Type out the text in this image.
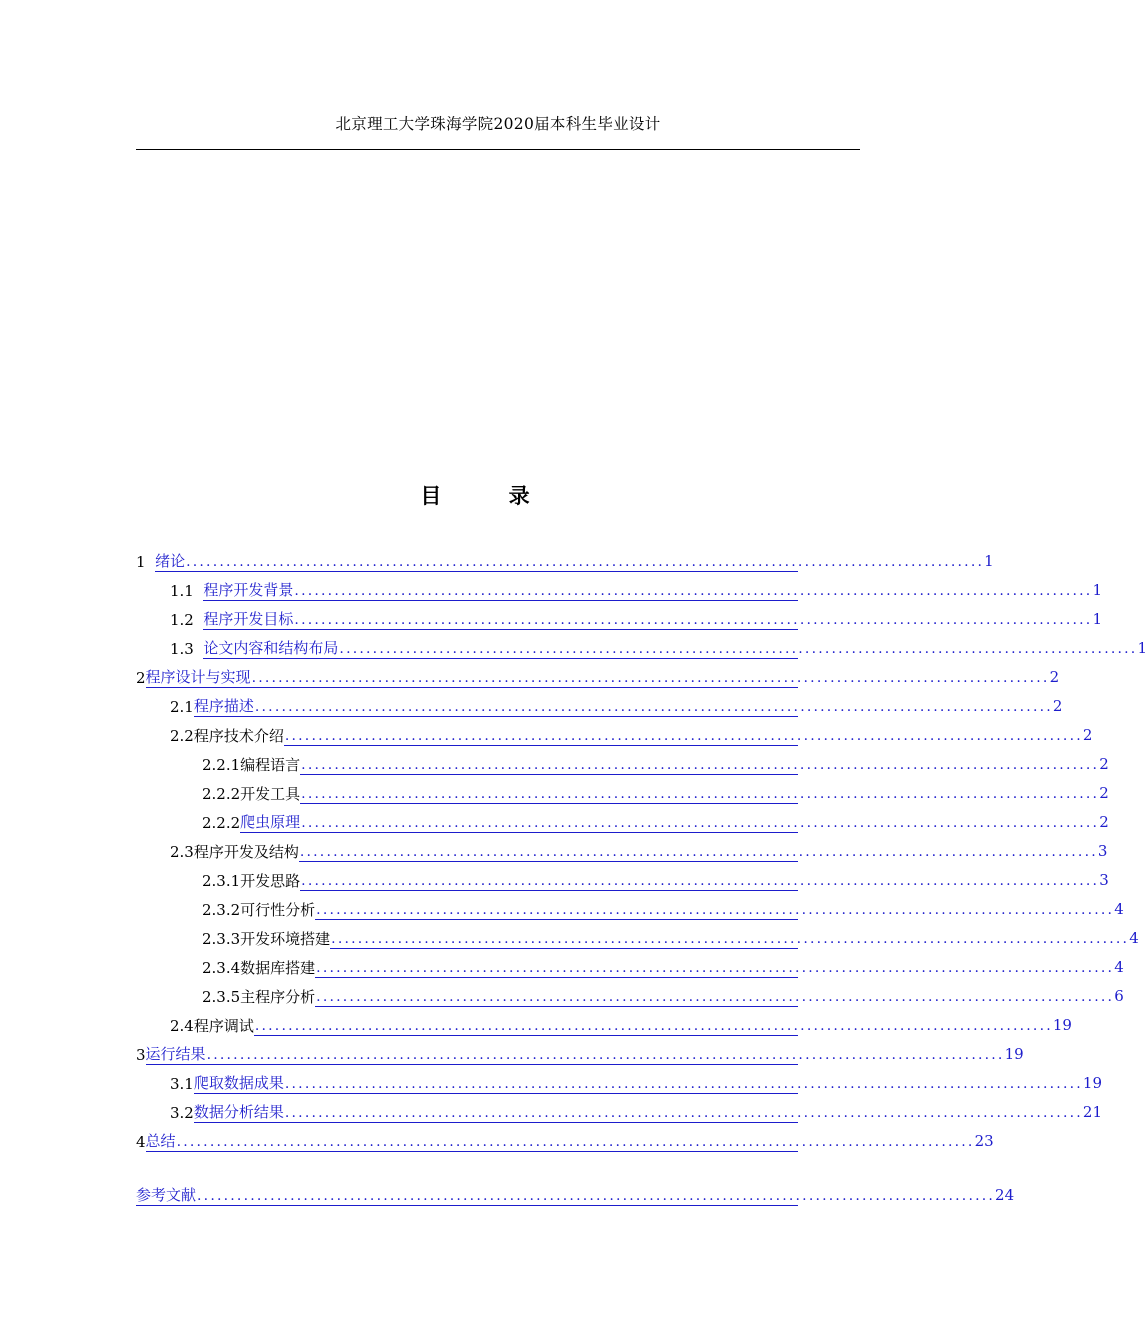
北京理工大学珠海学院2020届本科生毕业设计
目 录
1 绪论 ........................................................................................................................ 1
1.1 程序开发背景 ........................................................................................................................ 1
1.2 程序开发目标 ........................................................................................................................ 1
1.3 论文内容和结构布局 ........................................................................................................................ 1
2 程序设计与实现 ........................................................................................................................ 2
2.1 程序描述 ........................................................................................................................ 2
2.2程序技术介绍 ........................................................................................................................ 2
2.2.1编程语言 ........................................................................................................................ 2
2.2.2开发工具 ........................................................................................................................ 2
2.2.2 爬虫原理 ........................................................................................................................ 2
2.3程序开发及结构 ........................................................................................................................ 3
2.3.1开发思路 ........................................................................................................................ 3
2.3.2可行性分析 ........................................................................................................................ 4
2.3.3开发环境搭建 ........................................................................................................................ 4
2.3.4数据库搭建 ........................................................................................................................ 4
2.3.5主程序分析 ........................................................................................................................ 6
2.4程序调试 ........................................................................................................................ 19
3 运行结果 ........................................................................................................................ 19
3.1 爬取数据成果 ........................................................................................................................ 19
3.2 数据分析结果 ........................................................................................................................ 21
4 总结 ........................................................................................................................ 23
参考文献 ........................................................................................................................ 24
